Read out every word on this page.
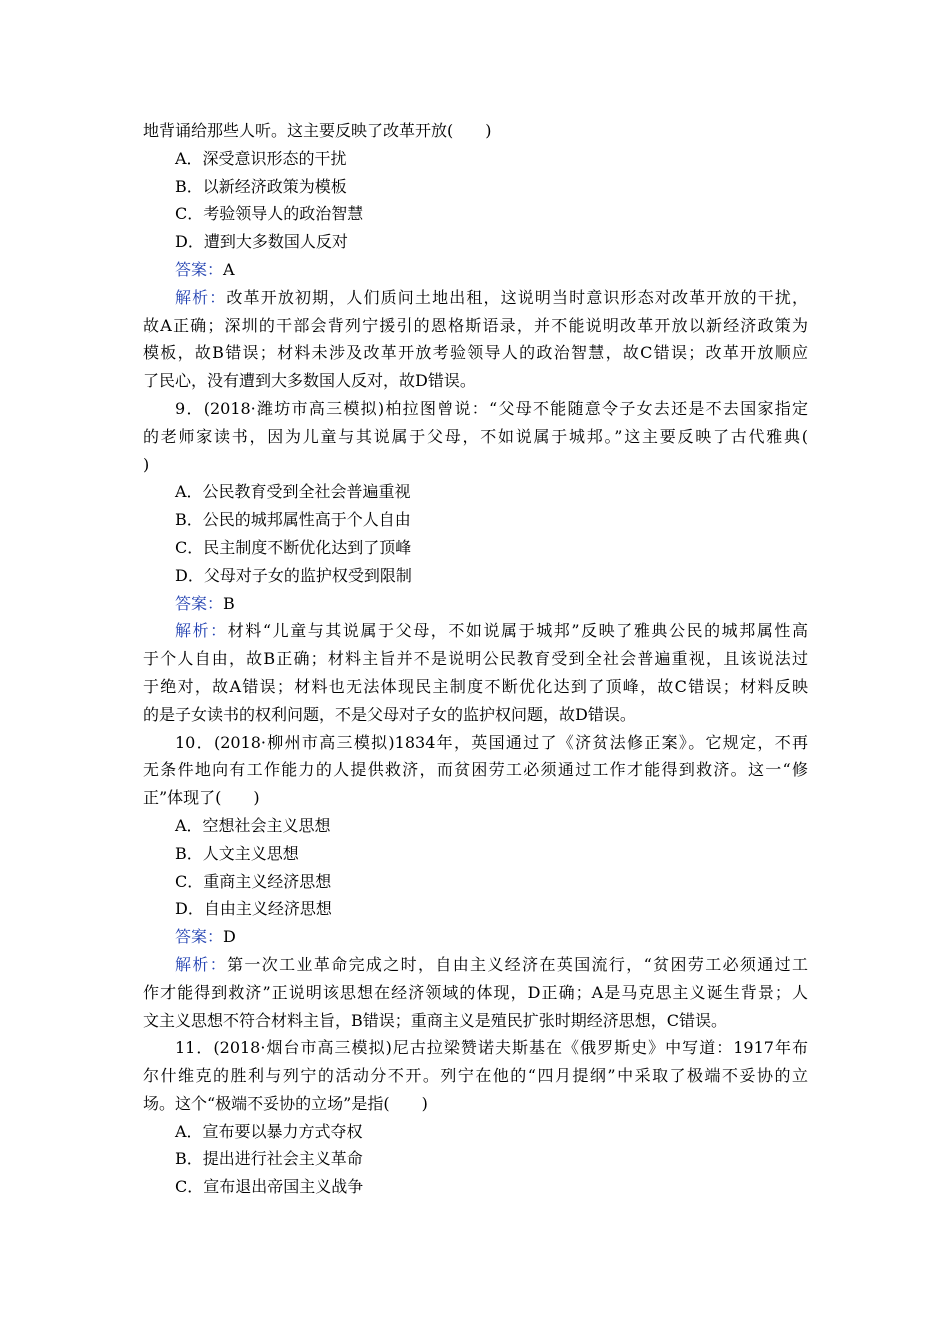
地背诵给那些人听。这主要反映了改革开放(　　)
A．深受意识形态的干扰
B．以新经济政策为模板
C．考验领导人的政治智慧
D．遭到大多数国人反对
答案：A
解析：改革开放初期，人们质问土地出租，这说明当时意识形态对改革开放的干扰，
故A正确；深圳的干部会背列宁援引的恩格斯语录，并不能说明改革开放以新经济政策为
模板，故B错误；材料未涉及改革开放考验领导人的政治智慧，故C错误；改革开放顺应
了民心，没有遭到大多数国人反对，故D错误。
9．(2018·潍坊市高三模拟)柏拉图曾说：“父母不能随意令子女去还是不去国家指定
的老师家读书，因为儿童与其说属于父母，不如说属于城邦。”这主要反映了古代雅典(
)
A．公民教育受到全社会普遍重视
B．公民的城邦属性高于个人自由
C．民主制度不断优化达到了顶峰
D．父母对子女的监护权受到限制
答案：B
解析：材料“儿童与其说属于父母，不如说属于城邦”反映了雅典公民的城邦属性高
于个人自由，故B正确；材料主旨并不是说明公民教育受到全社会普遍重视，且该说法过
于绝对，故A错误；材料也无法体现民主制度不断优化达到了顶峰，故C错误；材料反映
的是子女读书的权利问题，不是父母对子女的监护权问题，故D错误。
10．(2018·柳州市高三模拟)1834年，英国通过了《济贫法修正案》。它规定，不再
无条件地向有工作能力的人提供救济，而贫困劳工必须通过工作才能得到救济。这一“修
正”体现了(　　)
A．空想社会主义思想
B．人文主义思想
C．重商主义经济思想
D．自由主义经济思想
答案：D
解析：第一次工业革命完成之时，自由主义经济在英国流行，“贫困劳工必须通过工
作才能得到救济”正说明该思想在经济领域的体现，D正确；A是马克思主义诞生背景；人
文主义思想不符合材料主旨，B错误；重商主义是殖民扩张时期经济思想，C错误。
11．(2018·烟台市高三模拟)尼古拉梁赞诺夫斯基在《俄罗斯史》中写道：1917年布
尔什维克的胜利与列宁的活动分不开。列宁在他的“四月提纲”中采取了极端不妥协的立
场。这个“极端不妥协的立场”是指(　　)
A．宣布要以暴力方式夺权
B．提出进行社会主义革命
C．宣布退出帝国主义战争
